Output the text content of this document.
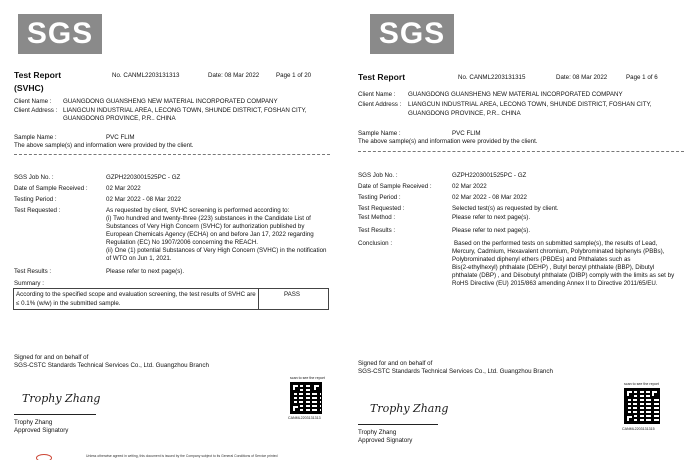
SGS
Test Report
(SVHC)
No. CANML2203131313	Date: 08 Mar 2022	Page 1 of 20
Client Name : GUANGDONG GUANSHENG NEW MATERIAL INCORPORATED COMPANY
Client Address : LIANGCUN INDUSTRIAL AREA, LECONG TOWN, SHUNDE DISTRICT, FOSHAN CITY,
GUANGDONG PROVINCE, P.R.. CHINA
Sample Name :	PVC FLIM
The above sample(s) and information were provided by the client.
SGS Job No. :	GZPH2203001525PC - GZ
Date of Sample Received :	02 Mar 2022
Testing Period :	02 Mar 2022 - 08 Mar 2022
Test Requested :	As requested by client, SVHC screening is performed according to:
(i) Two hundred and twenty-three (223) substances in the Candidate List of
Substances of Very High Concern (SVHC) for authorization published by
European Chemicals Agency (ECHA) on and before Jan 17, 2022 regarding
Regulation (EC) No 1907/2006 concerning the REACH.
(ii) One (1) potential Substances of Very High Concern (SVHC) in the notification
of WTO on Jun 1, 2021.
Test Results :	Please refer to next page(s).
Summary :
According to the specified scope and evaluation screening, the test results of SVHC are
≤ 0.1% (w/w) in the submitted sample.
PASS
Signed for and on behalf of
SGS-CSTC Standards Technical Services Co., Ltd. Guangzhou Branch
scan to see the report
CANML2203131313
Trophy Zhang
Trophy Zhang
Approved Signatory
Unless otherwise agreed in writing, this document is issued by the Company subject to its General Conditions of Service printed
SGS
Test Report	No. CANML2203131315	Date: 08 Mar 2022	Page 1 of 6
Client Name : GUANGDONG GUANSHENG NEW MATERIAL INCORPORATED COMPANY
Client Address : LIANGCUN INDUSTRIAL AREA, LECONG TOWN, SHUNDE DISTRICT, FOSHAN CITY,
GUANGDONG PROVINCE, P.R.. CHINA
Sample Name :	PVC FLIM
The above sample(s) and information were provided by the client.
SGS Job No. :	GZPH2203001525PC - GZ
Date of Sample Received :	02 Mar 2022
Testing Period :	02 Mar 2022 - 08 Mar 2022
Test Requested :	Selected test(s) as requested by client.
Test Method :	Please refer to next page(s).
Test Results :	Please refer to next page(s).
Conclusion :	Based on the performed tests on submitted sample(s), the results of Lead,
Mercury, Cadmium, Hexavalent chromium, Polybrominated biphenyls (PBBs),
Polybrominated diphenyl ethers (PBDEs) and Phthalates such as
Bis(2-ethylhexyl) phthalate (DEHP) , Butyl benzyl phthalate (BBP), Dibutyl
phthalate (DBP) , and Diisobutyl phthalate (DIBP) comply with the limits as set by
RoHS Directive (EU) 2015/863 amending Annex II to Directive 2011/65/EU.
Signed for and on behalf of
SGS-CSTC Standards Technical Services Co., Ltd. Guangzhou Branch
scan to see the report
CANML2203131315
Trophy Zhang
Trophy Zhang
Approved Signatory
